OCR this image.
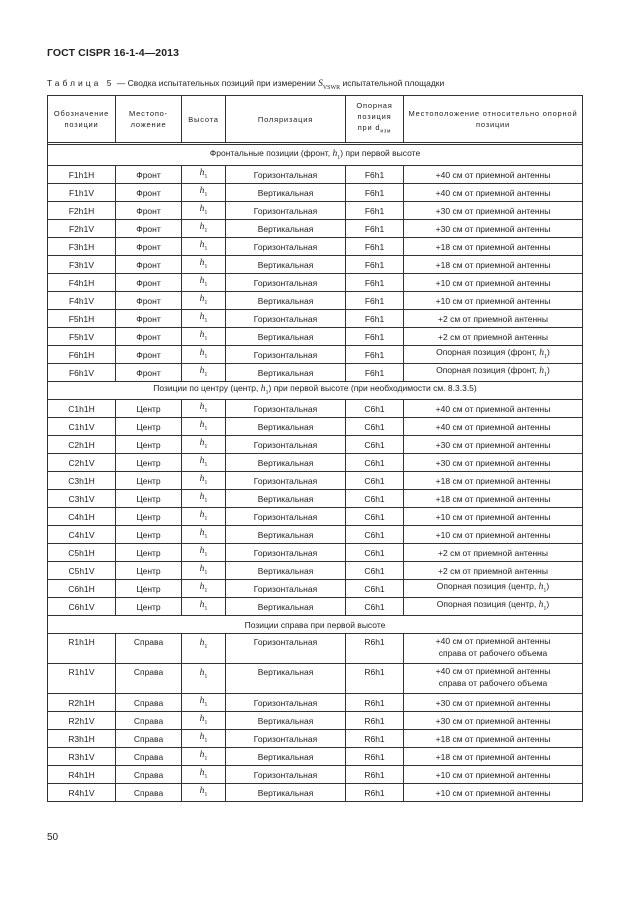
ГОСТ CISPR 16-1-4—2013
Таблица 5 — Сводка испытательных позиций при измерении $S_{VSWR}$ испытательной площадки
Обозначение позиции	Местопо-ложение	Высота	Поляризация	Опорная позиция
при $d_{изм}$	Местоположение относительно опорной позиции

Фронтальные позиции (фронт, $h_1$) при первой высоте					
F1h1H	Фронт	$h_1$	Горизонтальная	F6h1	+40 см от приемной антенны
F1h1V	Фронт	$h_1$	Вертикальная	F6h1	+40 см от приемной антенны
F2h1H	Фронт	$h_1$	Горизонтальная	F6h1	+30 см от приемной антенны
F2h1V	Фронт	$h_1$	Вертикальная	F6h1	+30 см от приемной антенны
F3h1H	Фронт	$h_1$	Горизонтальная	F6h1	+18 см от приемной антенны
F3h1V	Фронт	$h_1$	Вертикальная	F6h1	+18 см от приемной антенны
F4h1H	Фронт	$h_1$	Горизонтальная	F6h1	+10 см от приемной антенны
F4h1V	Фронт	$h_1$	Вертикальная	F6h1	+10 см от приемной антенны
F5h1H	Фронт	$h_1$	Горизонтальная	F6h1	+2 см от приемной антенны
F5h1V	Фронт	$h_1$	Вертикальная	F6h1	+2 см от приемной антенны
F6h1H	Фронт	$h_1$	Горизонтальная	F6h1	Опорная позиция (фронт, $h_1$)
F6h1V	Фронт	$h_1$	Вертикальная	F6h1	Опорная позиция (фронт, $h_1$)
Позиции по центру (центр, $h_1$) при первой высоте (при необходимости см. 8.3.3.5)					
C1h1H	Центр	$h_1$	Горизонтальная	C6h1	+40 см от приемной антенны
C1h1V	Центр	$h_1$	Вертикальная	C6h1	+40 см от приемной антенны
C2h1H	Центр	$h_1$	Горизонтальная	C6h1	+30 см от приемной антенны
C2h1V	Центр	$h_1$	Вертикальная	C6h1	+30 см от приемной антенны
C3h1H	Центр	$h_1$	Горизонтальная	C6h1	+18 см от приемной антенны
C3h1V	Центр	$h_1$	Вертикальная	C6h1	+18 см от приемной антенны
C4h1H	Центр	$h_1$	Горизонтальная	C6h1	+10 см от приемной антенны
C4h1V	Центр	$h_1$	Вертикальная	C6h1	+10 см от приемной антенны
C5h1H	Центр	$h_1$	Горизонтальная	C6h1	+2 см от приемной антенны
C5h1V	Центр	$h_1$	Вертикальная	C6h1	+2 см от приемной антенны
C6h1H	Центр	$h_1$	Горизонтальная	C6h1	Опорная позиция (центр, $h_1$)
C6h1V	Центр	$h_1$	Вертикальная	C6h1	Опорная позиция (центр, $h_1$)
Позиции справа при первой высоте					
R1h1H	Справа	$h_1$	Горизонтальная	R6h1	+40 см от приемной антенны
справа от рабочего объема
R1h1V	Справа	$h_1$	Вертикальная	R6h1	+40 см от приемной антенны
справа от рабочего объема
R2h1H	Справа	$h_1$	Горизонтальная	R6h1	+30 см от приемной антенны
R2h1V	Справа	$h_1$	Вертикальная	R6h1	+30 см от приемной антенны
R3h1H	Справа	$h_1$	Горизонтальная	R6h1	+18 см от приемной антенны
R3h1V	Справа	$h_1$	Вертикальная	R6h1	+18 см от приемной антенны
R4h1H	Справа	$h_1$	Горизонтальная	R6h1	+10 см от приемной антенны
R4h1V	Справа	$h_1$	Вертикальная	R6h1	+10 см от приемной антенны
50
